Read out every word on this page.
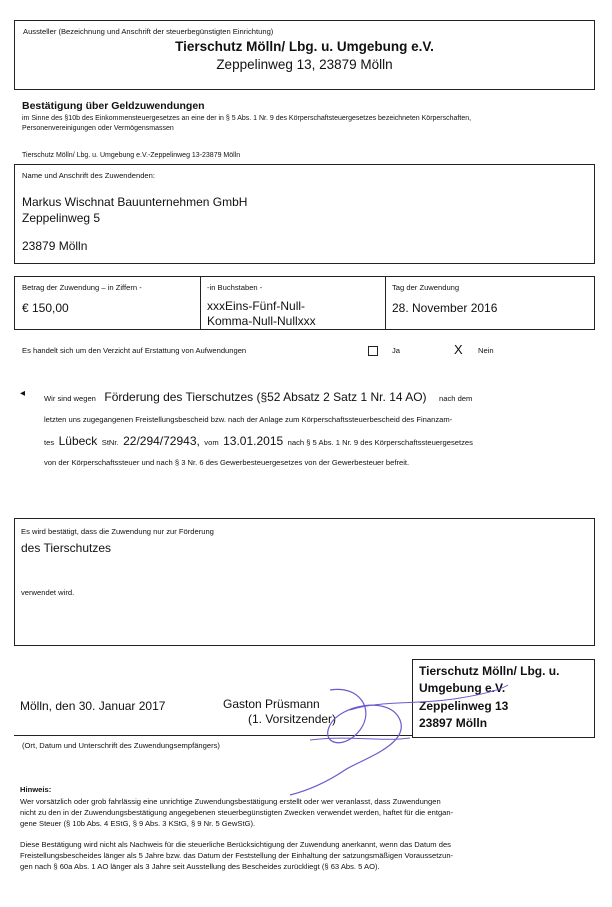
Aussteller (Bezeichnung und Anschrift der steuerbegünstigten Einrichtung)
Tierschutz Mölln/ Lbg. u. Umgebung e.V.
Zeppelinweg 13, 23879 Mölln
Bestätigung über Geldzuwendungen
im Sinne des §10b des Einkommensteuergesetzes an eine der in § 5 Abs. 1 Nr. 9 des Körperschaftsteuergesetzes bezeichneten Körperschaften,
Personenvereinigungen oder Vermögensmassen
Tierschutz Mölln/ Lbg. u. Umgebung e.V.-Zeppelinweg 13-23879 Mölln
Name und Anschrift des Zuwendenden:
Markus Wischnat Bauunternehmen GmbH
Zeppelinweg 5
23879 Mölln
Betrag der Zuwendung – in Ziffern -
€ 150,00
-in Buchstaben -
xxxEins-Fünf-Null-
Komma-Null-Nullxxx
Tag der Zuwendung
28. November 2016
Es handelt sich um den Verzicht auf Erstattung von Aufwendungen	Ja	X Nein
◂ Wir sind wegen Förderung des Tierschutzes (§52 Absatz 2 Satz 1 Nr. 14 AO) nach dem
letzten uns zugegangenen Freistellungsbescheid bzw. nach der Anlage zum Körperschaftssteuerbescheid des Finanzam-
tes Lübeck StNr. 22/294/72943, vom 13.01.2015 nach § 5 Abs. 1 Nr. 9 des Körperschaftssteuergesetzes
von der Körperschaftssteuer und nach § 3 Nr. 6 des Gewerbesteuergesetzes von der Gewerbesteuer befreit.
Es wird bestätigt, dass die Zuwendung nur zur Förderung
des Tierschutzes
verwendet wird.
Mölln, den 30. Januar 2017	Gaston Prüsmann
(1. Vorsitzender)
Tierschutz Mölln/ Lbg. u.
Umgebung e.V.
Zeppelinweg 13
23897 Mölln
(Ort, Datum und Unterschrift des Zuwendungsempfängers)
Hinweis:
Wer vorsätzlich oder grob fahrlässig eine unrichtige Zuwendungsbestätigung erstellt oder wer veranlasst, dass Zuwendungen
nicht zu den in der Zuwendungsbestätigung angegebenen steuerbegünstigten Zwecken verwendet werden, haftet für die entgan-
gene Steuer (§ 10b Abs. 4 EStG, § 9 Abs. 3 KStG, § 9 Nr. 5 GewStG).
Diese Bestätigung wird nicht als Nachweis für die steuerliche Berücksichtigung der Zuwendung anerkannt, wenn das Datum des
Freistellungsbescheides länger als 5 Jahre bzw. das Datum der Feststellung der Einhaltung der satzungsmäßigen Voraussetzun-
gen nach § 60a Abs. 1 AO länger als 3 Jahre seit Ausstellung des Bescheides zurückliegt (§ 63 Abs. 5 AO).
